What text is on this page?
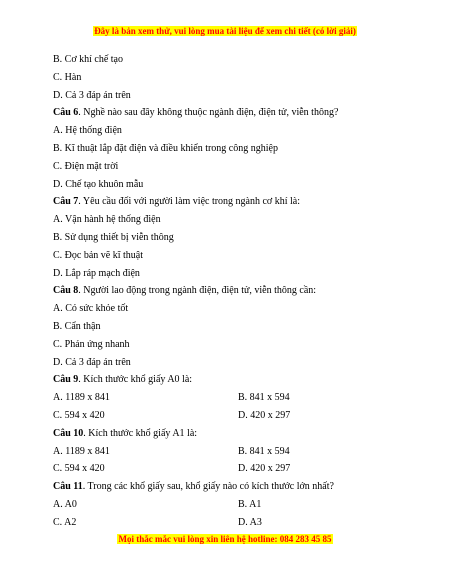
Đây là bản xem thử, vui lòng mua tài liệu để xem chi tiết (có lời giải)
B. Cơ khí chế tạo
C. Hàn
D. Cả 3 đáp án trên
Câu 6. Nghề nào sau đây không thuộc ngành điện, điện tử, viễn thông?
A. Hệ thống điện
B. Kĩ thuật lắp đặt điện và điều khiển trong công nghiệp
C. Điện mặt trời
D. Chế tạo khuôn mẫu
Câu 7. Yêu cầu đối với người làm việc trong ngành cơ khí là:
A. Vận hành hệ thống điện
B. Sử dụng thiết bị viễn thông
C. Đọc bản vẽ kĩ thuật
D. Lắp ráp mạch điện
Câu 8. Người lao động trong ngành điện, điện tử, viễn thông cần:
A. Có sức khỏe tốt
B. Cẩn thận
C. Phản ứng nhanh
D. Cả 3 đáp án trên
Câu 9. Kích thước khổ giấy A0 là:
A. 1189 x 841	B. 841 x 594
C. 594 x 420	D. 420 x 297
Câu 10. Kích thước khổ giấy A1 là:
A. 1189 x 841	B. 841 x 594
C. 594 x 420	D. 420 x 297
Câu 11. Trong các khổ giấy sau, khổ giấy nào có kích thước lớn nhất?
A. A0	B. A1
C. A2	D. A3
Mọi thắc mắc vui lòng xin liên hệ hotline: 084 283 45 85
